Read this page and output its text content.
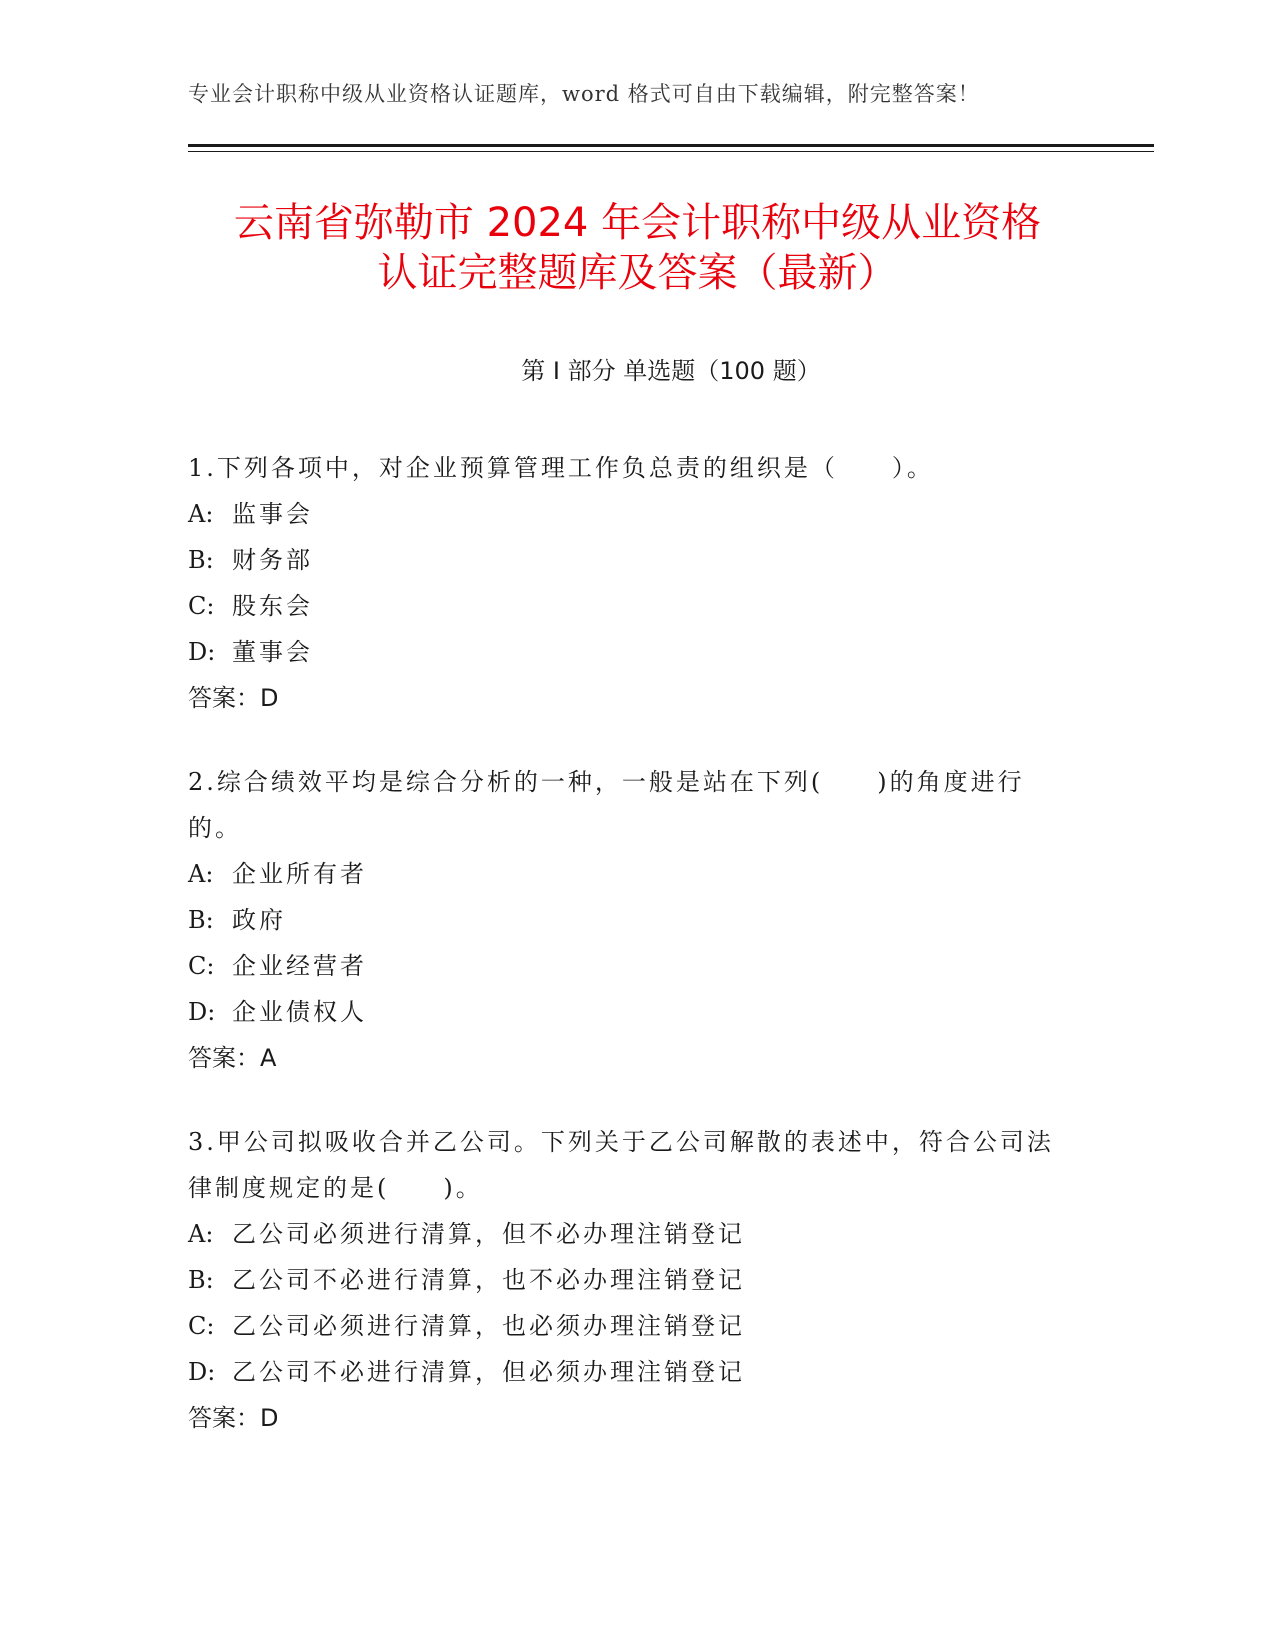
专业会计职称中级从业资格认证题库，word 格式可自由下载编辑，附完整答案！
云南省弥勒市 2024 年会计职称中级从业资格
认证完整题库及答案（最新）
第 I 部分 单选题（100 题）

1.下列各项中，对企业预算管理工作负总责的组织是（　　）。

A: 监事会

B: 财务部

C: 股东会

D: 董事会

答案：D

2.综合绩效平均是综合分析的一种，一般是站在下列(　　)的角度进行的。

A: 企业所有者

B: 政府

C: 企业经营者

D: 企业债权人

答案：A

3.甲公司拟吸收合并乙公司。下列关于乙公司解散的表述中，符合公司法律制度规定的是(　　)。

A: 乙公司必须进行清算，但不必办理注销登记

B: 乙公司不必进行清算，也不必办理注销登记

C: 乙公司必须进行清算，也必须办理注销登记

D: 乙公司不必进行清算，但必须办理注销登记

答案：D
